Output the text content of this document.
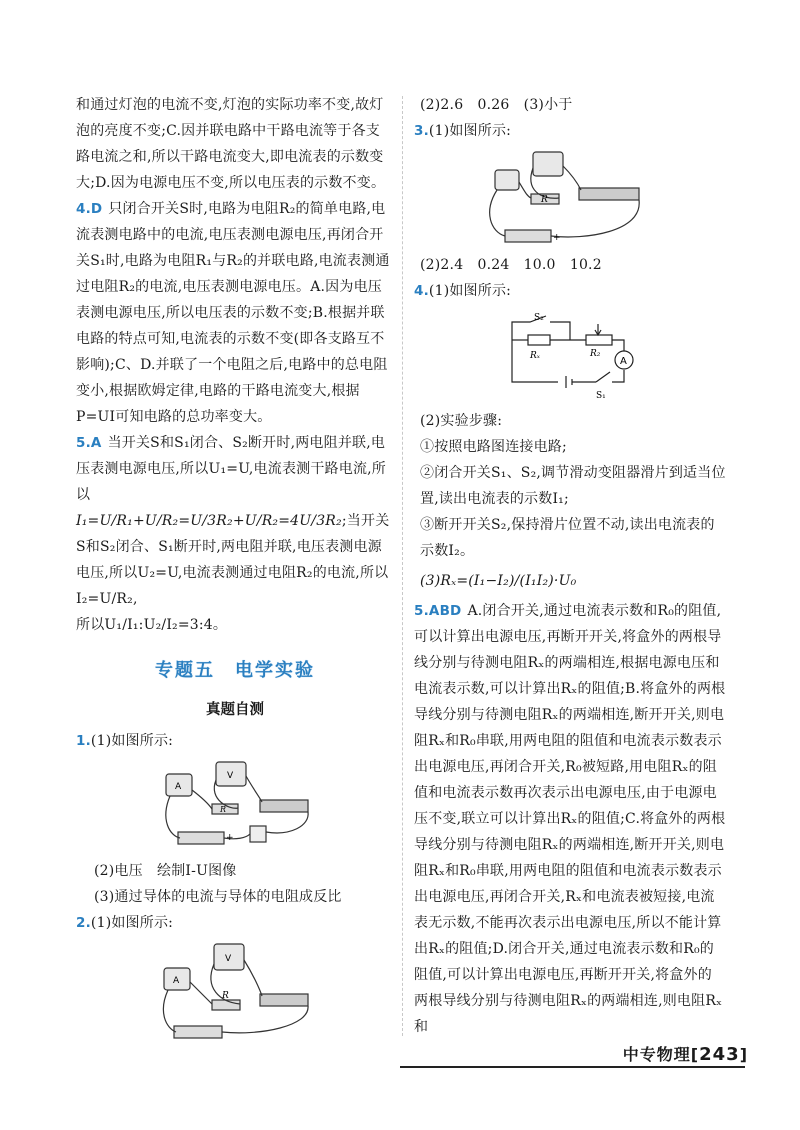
和通过灯泡的电流不变,灯泡的实际功率不变,故灯泡的亮度不变;C.因并联电路中干路电流等于各支路电流之和,所以干路电流变大,即电流表的示数变大;D.因为电源电压不变,所以电压表的示数不变。

4.D 只闭合开关S时,电路为电阻R₂的简单电路,电流表测电路中的电流,电压表测电源电压,再闭合开关S₁时,电路为电阻R₁与R₂的并联电路,电流表测通过电阻R₂的电流,电压表测电源电压。A.因为电压表测电源电压,所以电压表的示数不变;B.根据并联电路的特点可知,电流表的示数不变(即各支路互不影响);C、D.并联了一个电阻之后,电路中的总电阻变小,根据欧姆定律,电路的干路电流变大,根据P=UI可知电路的总功率变大。

5.A 当开关S和S₁闭合、S₂断开时,两电阻并联,电压表测电源电压,所以U₁=U,电流表测干路电流,所以

I₁=U/R₁+U/R₂=U/3R₂+U/R₂=4U/3R₂;当开关S和S₂闭合、S₁断开时,两电阻并联,电压表测电源电压,所以U₂=U,电流表测通过电阻R₂的电流,所以I₂=U/R₂,

所以U₁/I₁:U₂/I₂=3:4。

专题五　电学实验
真题自测

1.(1)如图所示:

A
V
R
+

(2)电压　绘制I-U图像

(3)通过导体的电流与导体的电阻成反比

2.(1)如图所示:

A
V
R

(2)2.6　0.26　(3)小于

3.(1)如图所示:

R
+

(2)2.4　0.24　10.0　10.2

4.(1)如图所示:

S₂
Rₓ	R₂
A
S₁

(2)实验步骤:

①按照电路图连接电路;

②闭合开关S₁、S₂,调节滑动变阻器滑片到适当位置,读出电流表的示数I₁;

③断开开关S₂,保持滑片位置不动,读出电流表的示数I₂。

(3)Rₓ=(I₁−I₂)/(I₁I₂)·U₀

5.ABD A.闭合开关,通过电流表示数和R₀的阻值,可以计算出电源电压,再断开开关,将盒外的两根导线分别与待测电阻Rₓ的两端相连,根据电源电压和电流表示数,可以计算出Rₓ的阻值;B.将盒外的两根导线分别与待测电阻Rₓ的两端相连,断开开关,则电阻Rₓ和R₀串联,用两电阻的阻值和电流表示数表示出电源电压,再闭合开关,R₀被短路,用电阻Rₓ的阻值和电流表示数再次表示出电源电压,由于电源电压不变,联立可以计算出Rₓ的阻值;C.将盒外的两根导线分别与待测电阻Rₓ的两端相连,断开开关,则电阻Rₓ和R₀串联,用两电阻的阻值和电流表示数表示出电源电压,再闭合开关,Rₓ和电流表被短接,电流表无示数,不能再次表示出电源电压,所以不能计算出Rₓ的阻值;D.闭合开关,通过电流表示数和R₀的阻值,可以计算出电源电压,再断开开关,将盒外的两根导线分别与待测电阻Rₓ的两端相连,则电阻Rₓ和

中专物理[243]
